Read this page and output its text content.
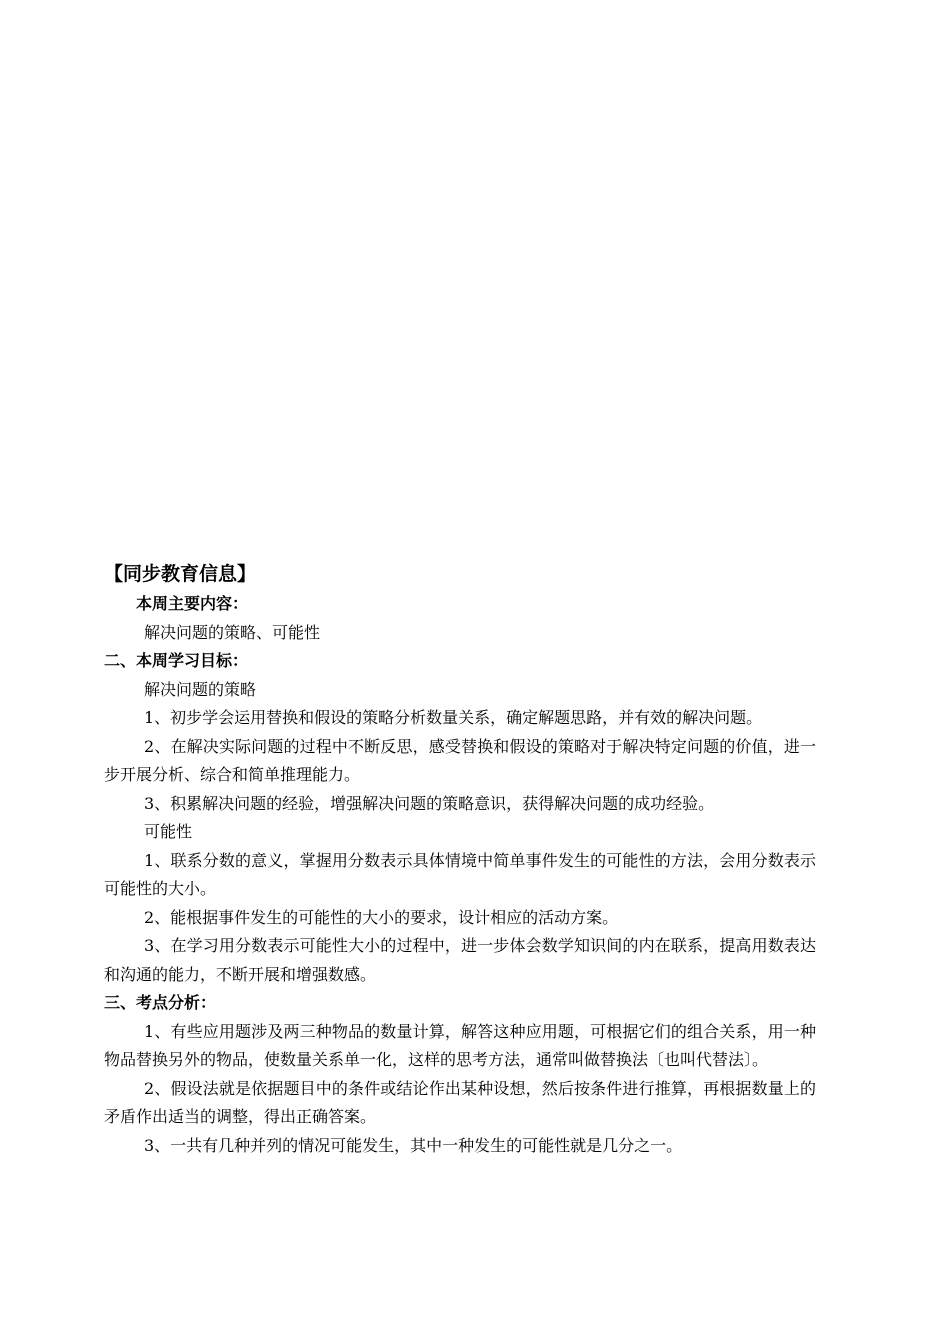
【同步教育信息】

本周主要内容：

解决问题的策略、可能性

二、本周学习目标：

解决问题的策略

1、初步学会运用替换和假设的策略分析数量关系，确定解题思路，并有效的解决问题。

2、在解决实际问题的过程中不断反思，感受替换和假设的策略对于解决特定问题的价值，进一步开展分析、综合和简单推理能力。

3、积累解决问题的经验，增强解决问题的策略意识，获得解决问题的成功经验。

可能性

1、联系分数的意义，掌握用分数表示具体情境中简单事件发生的可能性的方法，会用分数表示可能性的大小。

2、能根据事件发生的可能性的大小的要求，设计相应的活动方案。

3、在学习用分数表示可能性大小的过程中，进一步体会数学知识间的内在联系，提高用数表达和沟通的能力，不断开展和增强数感。

三、考点分析：

1、有些应用题涉及两三种物品的数量计算，解答这种应用题，可根据它们的组合关系，用一种物品替换另外的物品，使数量关系单一化，这样的思考方法，通常叫做替换法〔也叫代替法〕。

2、假设法就是依据题目中的条件或结论作出某种设想，然后按条件进行推算，再根据数量上的矛盾作出适当的调整，得出正确答案。

3、一共有几种并列的情况可能发生，其中一种发生的可能性就是几分之一。
